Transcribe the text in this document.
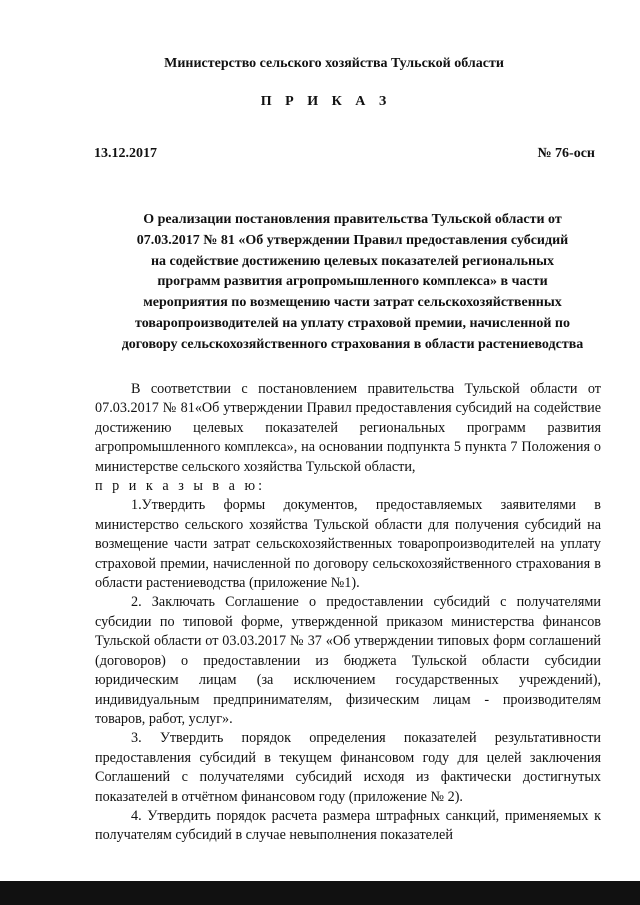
Министерство сельского хозяйства Тульской области
П Р И К А З
13.12.2017	№ 76-осн
О реализации постановления правительства Тульской области от
07.03.2017 № 81 «Об утверждении Правил предоставления субсидий
на содействие достижению целевых показателей региональных
программ развития агропромышленного комплекса» в части
мероприятия по возмещению части затрат сельскохозяйственных
товаропроизводителей на уплату страховой премии, начисленной по
договору сельскохозяйственного страхования в области растениеводства

В соответствии с постановлением правительства Тульской области от 07.03.2017 № 81«Об утверждении Правил предоставления субсидий на содействие достижению целевых показателей региональных программ развития агропромышленного комплекса», на основании подпункта 5 пункта 7 Положения о министерстве сельского хозяйства Тульской области,

п р и к а з ы в а ю:

1.Утвердить формы документов, предоставляемых заявителями в министерство сельского хозяйства Тульской области для получения субсидий на возмещение части затрат сельскохозяйственных товаропроизводителей на уплату страховой премии, начисленной по договору сельскохозяйственного страхования в области растениеводства (приложение №1).

2. Заключать Соглашение о предоставлении субсидий с получателями субсидии по типовой форме, утвержденной приказом министерства финансов Тульской области от 03.03.2017 № 37 «Об утверждении типовых форм соглашений (договоров) о предоставлении из бюджета Тульской области субсидии юридическим лицам (за исключением государственных учреждений), индивидуальным предпринимателям, физическим лицам - производителям товаров, работ, услуг».

3. Утвердить порядок определения показателей результативности предоставления субсидий в текущем финансовом году для целей заключения Соглашений с получателями субсидий исходя из фактически достигнутых показателей в отчётном финансовом году (приложение № 2).

4. Утвердить порядок расчета размера штрафных санкций, применяемых к получателям субсидий в случае невыполнения показателей
